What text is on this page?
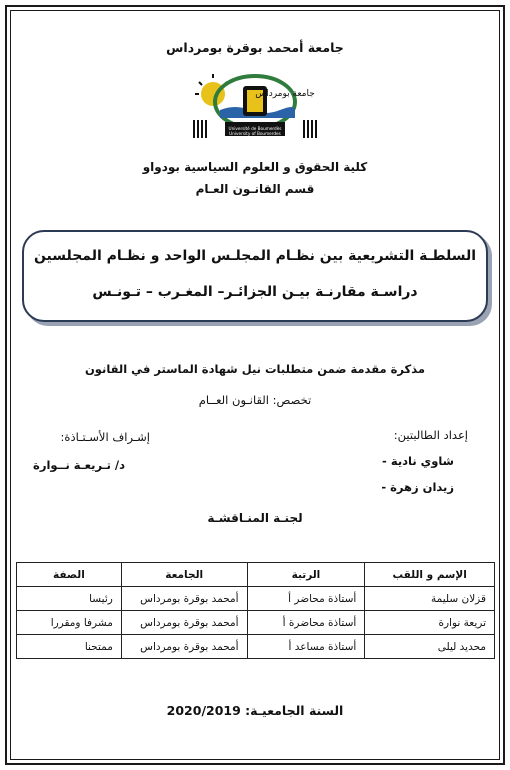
جامعة أمحمد بوقرة بومرداس
Université de Boumerdès
University of Boumerdes
جامعة بومرداس
كلية الحقوق و العلوم السياسية بودواو
قسم القانـون العـام
السلطـة التشريعية بين نظـام المجلـس الواحد و نظـام المجلسين
دراسـة مقارنـة بيـن الجزائـر– المغـرب – تـونـس
مذكرة مقدمة ضمن متطلبات نيل شهادة الماستر في القانون
تخصص: القانـون العــام
إعداد الطالبتين:
شاوي نادية -
زيدان زهرة -
إشـراف الأسـتـاذة:
د/ تـريعـة نــوارة
لجنـة المنـاقشـة
الإسم و اللقب	الرتبة	الجامعة	الصفة
قزلان سليمة	أستاذة محاضر أ	أمحمد بوقرة بومرداس	رئيسا
تريعة نوارة	أستاذة محاضرة أ	أمحمد بوقرة بومرداس	مشرفا ومقررا
محديد ليلى	أستاذة مساعد أ	أمحمد بوقرة بومرداس	ممتحنا
السنة الجامعيـة: 2020/2019
